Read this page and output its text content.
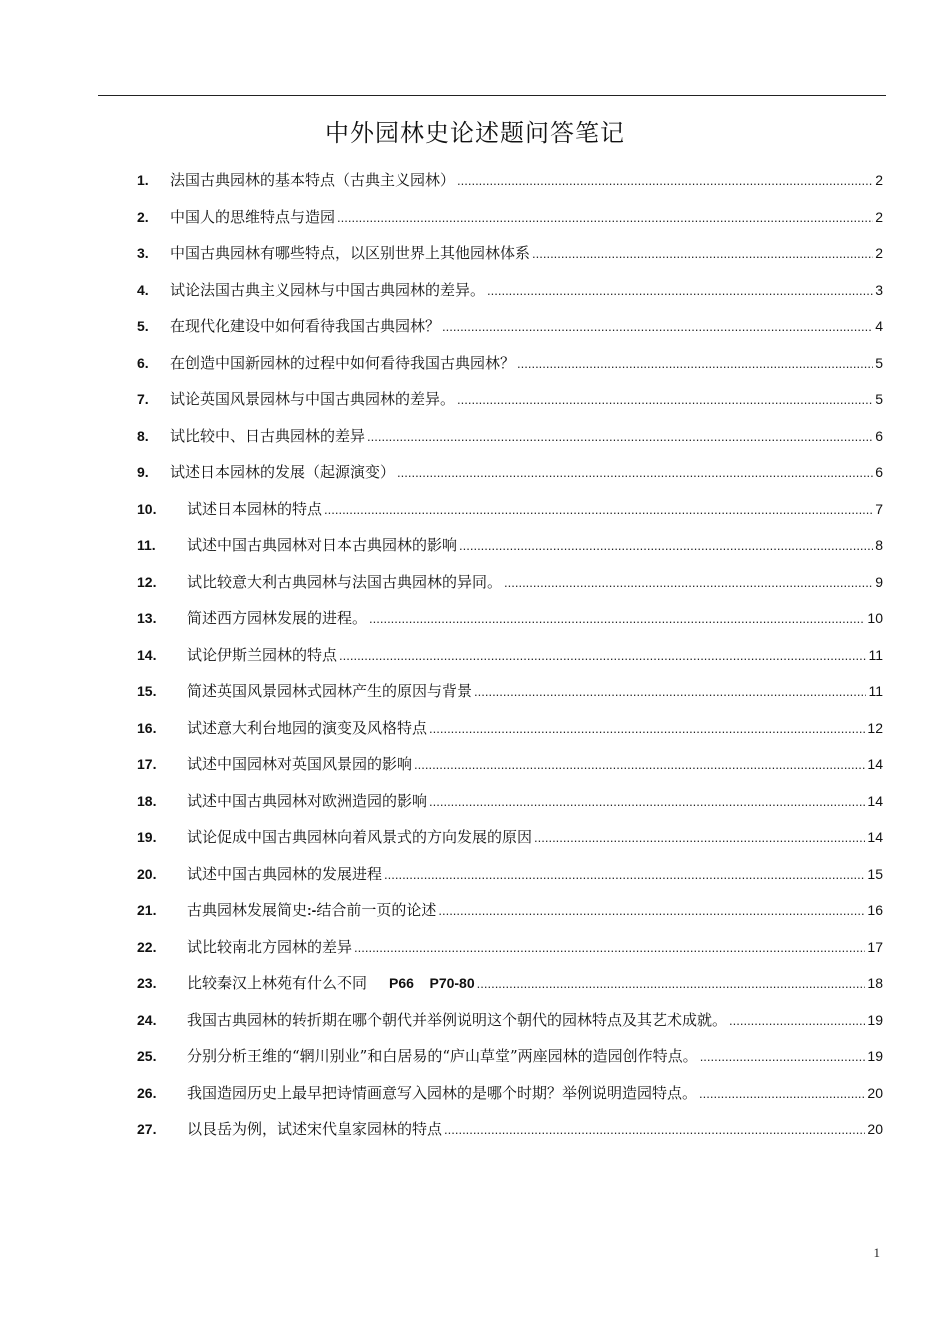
中外园林史论述题问答笔记
1.	法国古典园林的基本特点（古典主义园林） .....	2
2.	中国人的思维特点与造园 .....	2
3.	中国古典园林有哪些特点，以区别世界上其他园林体系 .....	2
4.	试论法国古典主义园林与中国古典园林的差异。 .....	3
5.	在现代化建设中如何看待我国古典园林？ .....	4
6.	在创造中国新园林的过程中如何看待我国古典园林？ .....	5
7.	试论英国风景园林与中国古典园林的差异。 .....	5
8.	试比较中、日古典园林的差异 .....	6
9.	试述日本园林的发展（起源演变） .....	6
10.	试述日本园林的特点 .....	7
11.	试述中国古典园林对日本古典园林的影响 .....	8
12.	试比较意大利古典园林与法国古典园林的异同。 .....	9
13.	简述西方园林发展的进程。 .....	10
14.	试论伊斯兰园林的特点 .....	11
15.	简述英国风景园林式园林产生的原因与背景 .....	11
16.	试述意大利台地园的演变及风格特点 .....	12
17.	试述中国园林对英国风景园的影响 .....	14
18.	试述中国古典园林对欧洲造园的影响 .....	14
19.	试论促成中国古典园林向着风景式的方向发展的原因 .....	14
20.	试述中国古典园林的发展进程 .....	15
21.	古典园林发展简史:-结合前一页的论述 .....	16
22.	试比较南北方园林的差异 .....	17
23.	比较秦汉上林苑有什么不同 P66    P70-80 .....	18
24.	我国古典园林的转折期在哪个朝代并举例说明这个朝代的园林特点及其艺术成就。 .....	19
25.	分别分析王维的“辋川别业”和白居易的“庐山草堂”两座园林的造园创作特点。 .....	19
26.	我国造园历史上最早把诗情画意写入园林的是哪个时期？举例说明造园特点。 .....	20
27.	以艮岳为例，试述宋代皇家园林的特点 .....	20
1
